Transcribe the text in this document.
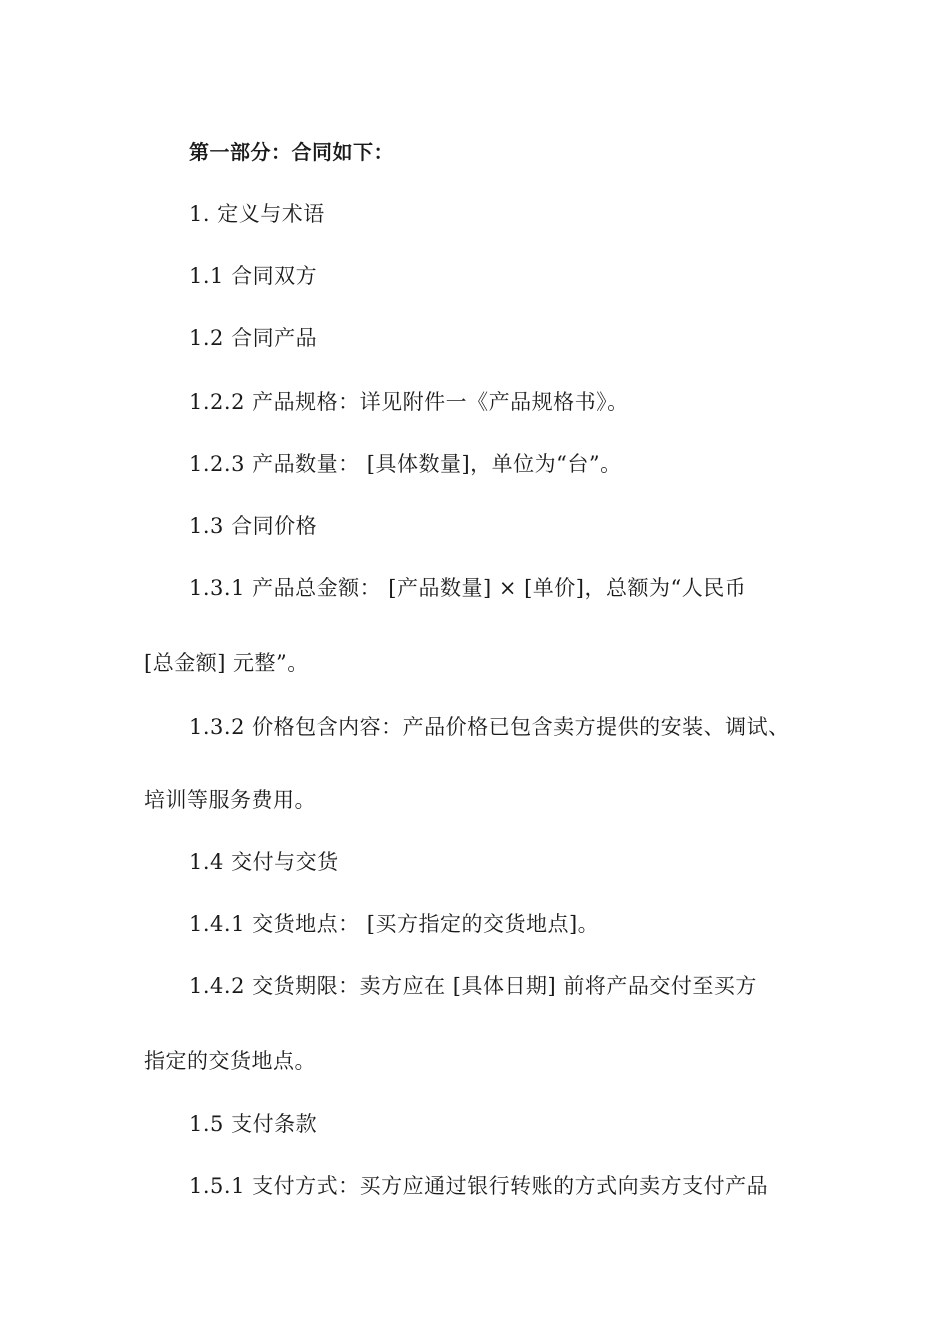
第一部分：合同如下：
1. 定义与术语
1.1 合同双方
1.2 合同产品
1.2.2 产品规格：详见附件一《产品规格书》。
1.2.3 产品数量： [具体数量]，单位为“台”。
1.3 合同价格
1.3.1 产品总金额： [产品数量] × [单价]，总额为“人民币
[总金额] 元整”。
1.3.2 价格包含内容：产品价格已包含卖方提供的安装、调试、
培训等服务费用。
1.4 交付与交货
1.4.1 交货地点： [买方指定的交货地点]。
1.4.2 交货期限：卖方应在 [具体日期] 前将产品交付至买方
指定的交货地点。
1.5 支付条款
1.5.1 支付方式：买方应通过银行转账的方式向卖方支付产品
